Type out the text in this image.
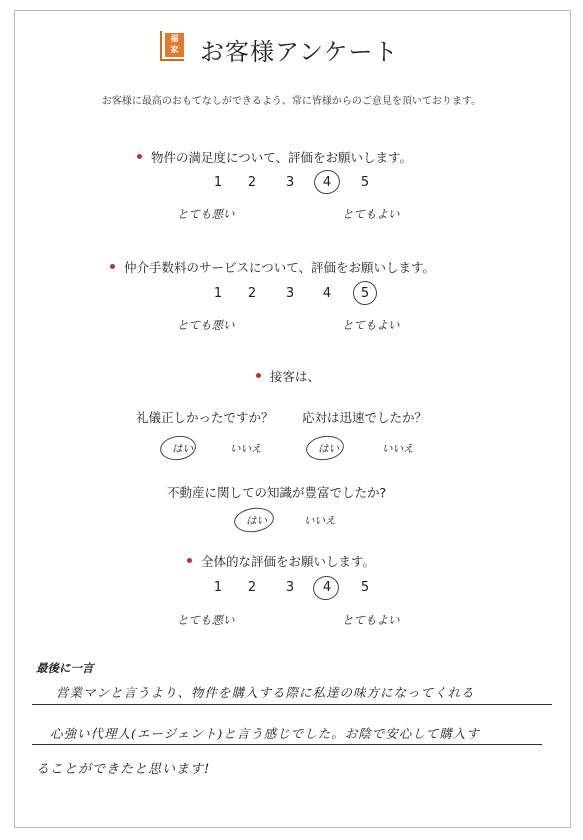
福
家 お客様アンケート
お客様に最高のおもてなしができるよう、常に皆様からのご意見を頂いております。
物件の満足度について、評価をお願いします。
1 2 3 4 5
とても悪い	とてもよい
仲介手数料のサービスについて、評価をお願いします。
1 2 3 4 5
とても悪い	とてもよい
接客は、
礼儀正しかったですか？ 応対は迅速でしたか？
はい	いいえ	はい	いいえ
不動産に関しての知識が豊富でしたか?
はい	いいえ
全体的な評価をお願いします。
1 2 3 4 5
とても悪い	とてもよい
最後に一言
営業マンと言うより、物件を購入する際に私達の味方になってくれる
心強い代理人(エージェント)と言う感じでした。お陰で安心して購入す
ることができたと思います!
